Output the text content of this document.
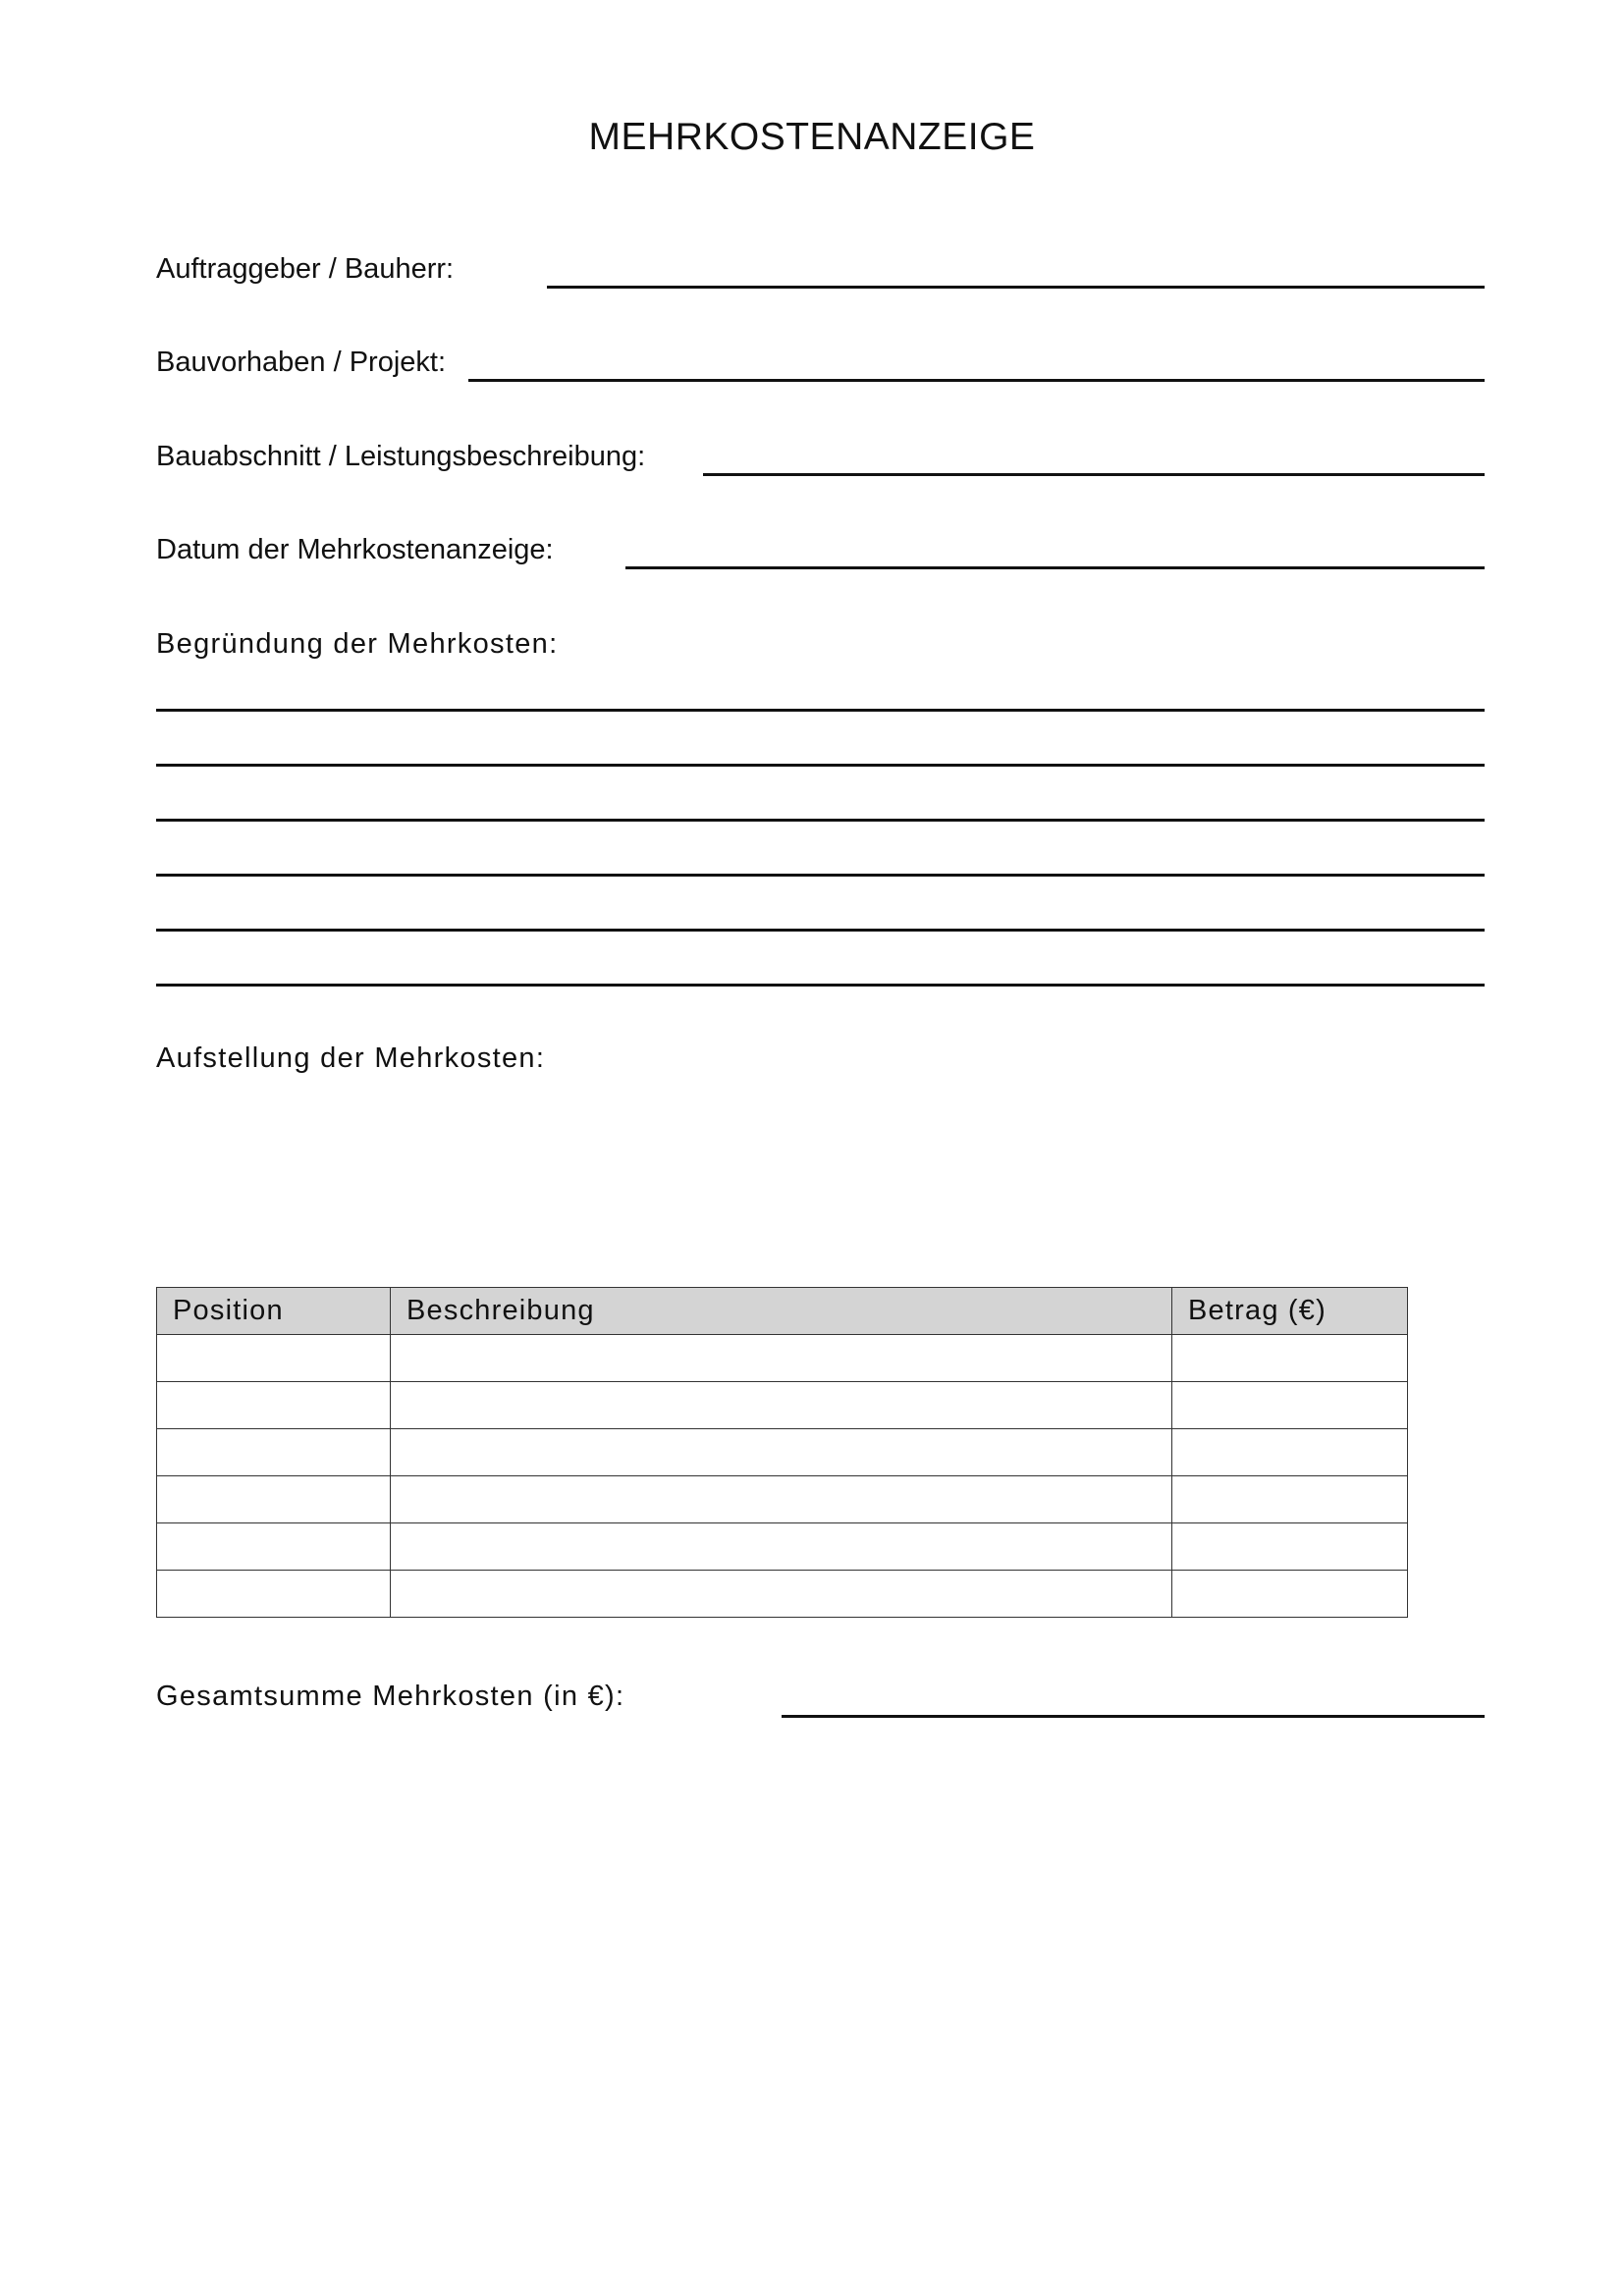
MEHRKOSTENANZEIGE
Auftraggeber / Bauherr:
Bauvorhaben / Projekt:
Bauabschnitt / Leistungsbeschreibung:
Datum der Mehrkostenanzeige:
Begründung der Mehrkosten:
Aufstellung der Mehrkosten:
Position	Beschreibung	Betrag (€)

Gesamtsumme Mehrkosten (in €):
